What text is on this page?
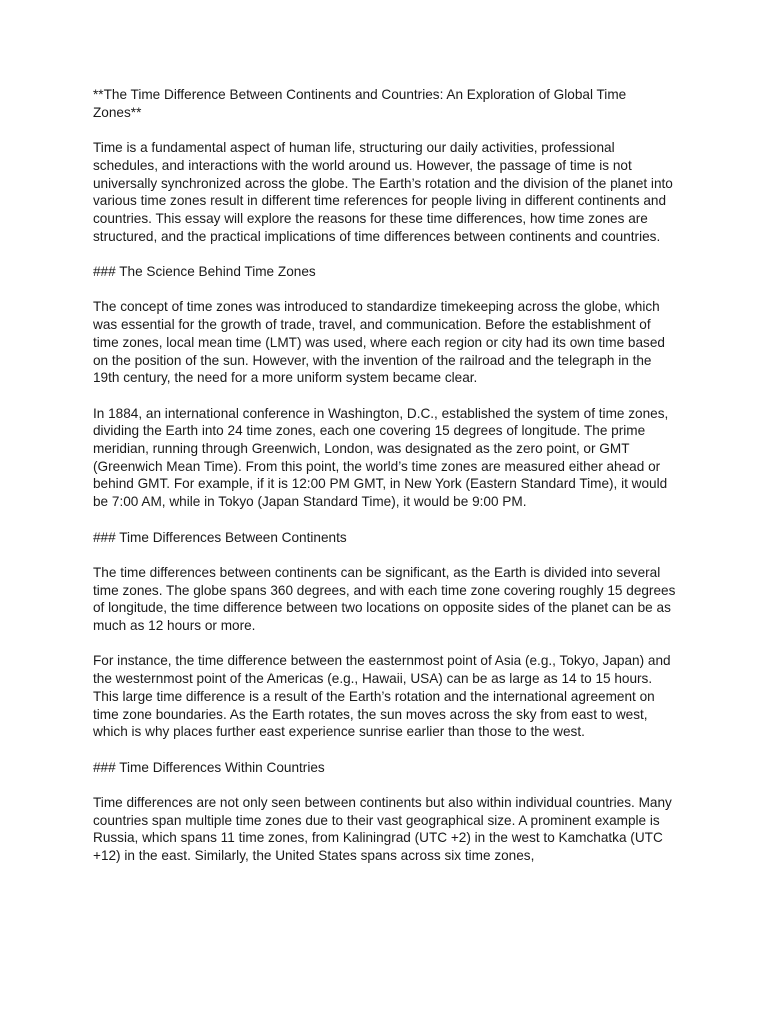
**The Time Difference Between Continents and Countries: An Exploration of Global Time Zones**

Time is a fundamental aspect of human life, structuring our daily activities, professional schedules, and interactions with the world around us. However, the passage of time is not universally synchronized across the globe. The Earth’s rotation and the division of the planet into various time zones result in different time references for people living in different continents and countries. This essay will explore the reasons for these time differences, how time zones are structured, and the practical implications of time differences between continents and countries.

### The Science Behind Time Zones

The concept of time zones was introduced to standardize timekeeping across the globe, which was essential for the growth of trade, travel, and communication. Before the establishment of time zones, local mean time (LMT) was used, where each region or city had its own time based on the position of the sun. However, with the invention of the railroad and the telegraph in the 19th century, the need for a more uniform system became clear.

In 1884, an international conference in Washington, D.C., established the system of time zones, dividing the Earth into 24 time zones, each one covering 15 degrees of longitude. The prime meridian, running through Greenwich, London, was designated as the zero point, or GMT (Greenwich Mean Time). From this point, the world’s time zones are measured either ahead or behind GMT. For example, if it is 12:00 PM GMT, in New York (Eastern Standard Time), it would be 7:00 AM, while in Tokyo (Japan Standard Time), it would be 9:00 PM.

### Time Differences Between Continents

The time differences between continents can be significant, as the Earth is divided into several time zones. The globe spans 360 degrees, and with each time zone covering roughly 15 degrees of longitude, the time difference between two locations on opposite sides of the planet can be as much as 12 hours or more.

For instance, the time difference between the easternmost point of Asia (e.g., Tokyo, Japan) and the westernmost point of the Americas (e.g., Hawaii, USA) can be as large as 14 to 15 hours. This large time difference is a result of the Earth’s rotation and the international agreement on time zone boundaries. As the Earth rotates, the sun moves across the sky from east to west, which is why places further east experience sunrise earlier than those to the west.

### Time Differences Within Countries

Time differences are not only seen between continents but also within individual countries. Many countries span multiple time zones due to their vast geographical size. A prominent example is Russia, which spans 11 time zones, from Kaliningrad (UTC +2) in the west to Kamchatka (UTC +12) in the east. Similarly, the United States spans across six time zones,
